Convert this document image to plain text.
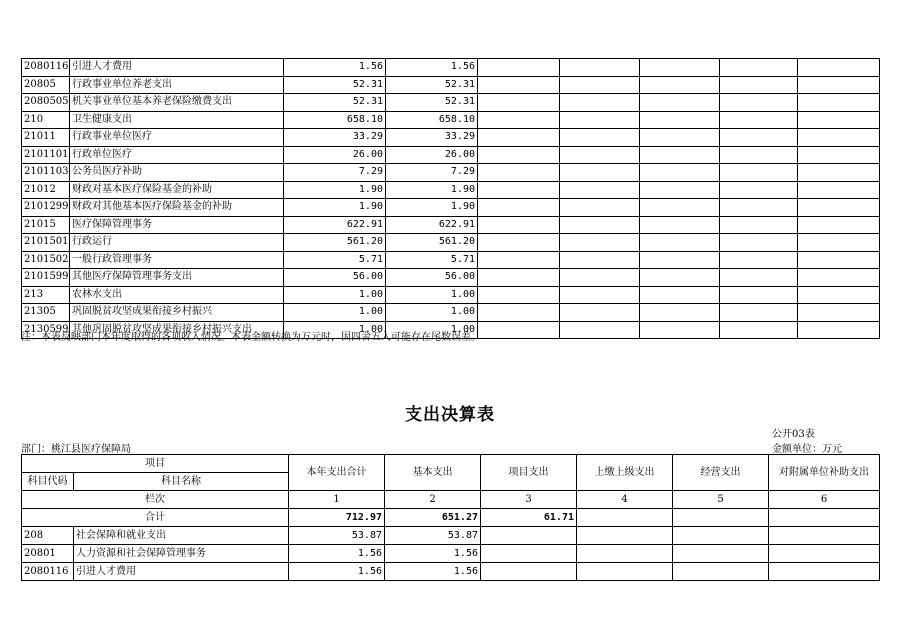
2080116	引进人才费用	1.56	1.56					
20805	行政事业单位养老支出	52.31	52.31					
2080505	机关事业单位基本养老保险缴费支出	52.31	52.31					
210	卫生健康支出	658.10	658.10					
21011	行政事业单位医疗	33.29	33.29					
2101101	行政单位医疗	26.00	26.00					
2101103	公务员医疗补助	7.29	7.29					
21012	财政对基本医疗保险基金的补助	1.90	1.90					
2101299	财政对其他基本医疗保险基金的补助	1.90	1.90					
21015	医疗保障管理事务	622.91	622.91					
2101501	行政运行	561.20	561.20					
2101502	一般行政管理事务	5.71	5.71					
2101599	其他医疗保障管理事务支出	56.00	56.00					
213	农林水支出	1.00	1.00					
21305	巩固脱贫攻坚成果衔接乡村振兴	1.00	1.00					
2130599	其他巩固脱贫攻坚成果衔接乡村振兴支出	1.00	1.00					
注：本表反映部门本年度取得的各项收入情况。本表金额转换为万元时，因四舍五入可能存在尾数误差。
支出决算表
公开03表
部门：桃江县医疗保障局	金额单位：万元
项目		本年支出合计	基本支出	项目支出	上缴上级支出	经营支出	对附属单位补助支出
科目代码	科目名称						
栏次		1	2	3	4	5	6
合计		712.97	651.27	61.71			
208	社会保障和就业支出	53.87	53.87				
20801	人力资源和社会保障管理事务	1.56	1.56				
2080116	引进人才费用	1.56	1.56				
